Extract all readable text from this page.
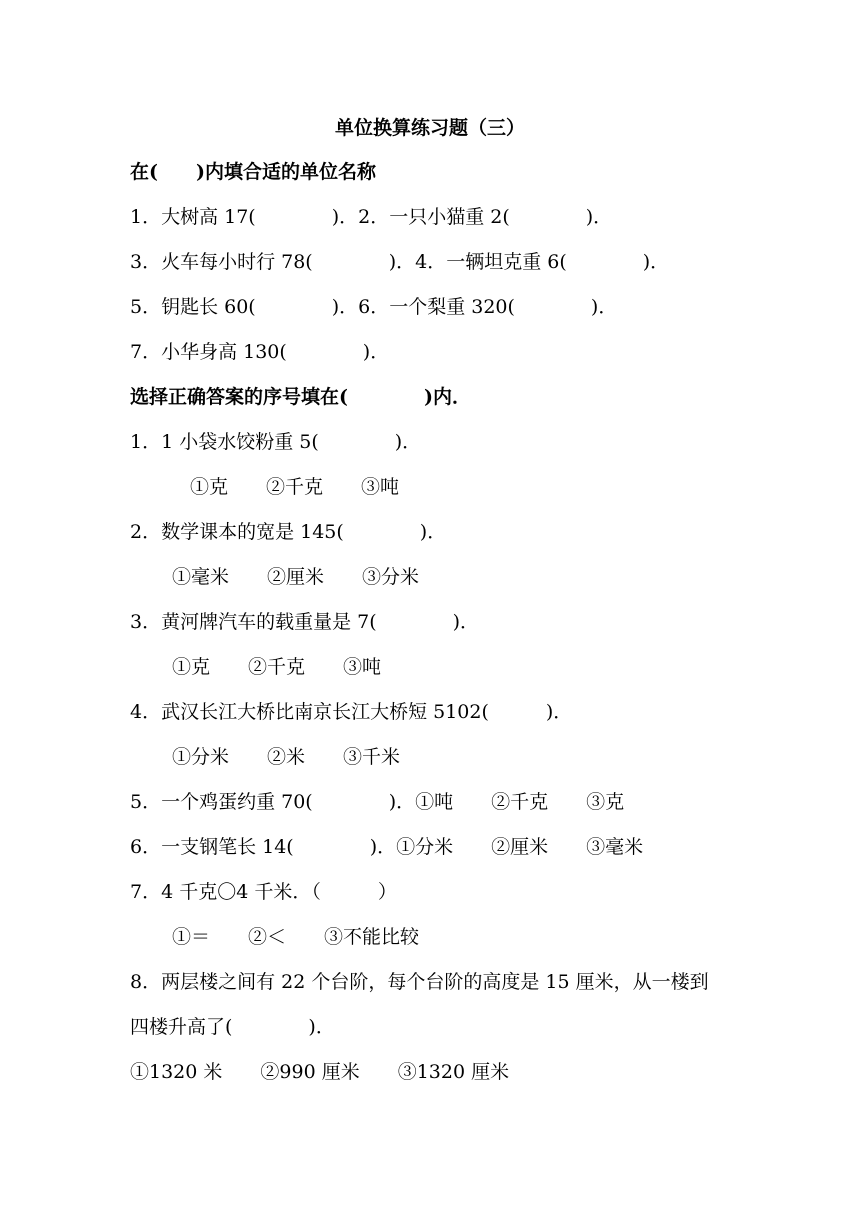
单位换算练习题（三）
在(　　)内填合适的单位名称
1．大树高 17(　　　　)．2．一只小猫重 2(　　　　)．
3．火车每小时行 78(　　　　)．4．一辆坦克重 6(　　　　)．
5．钥匙长 60(　　　　)．6．一个梨重 320(　　　　)．
7．小华身高 130(　　　　)．
选择正确答案的序号填在(　　　　)内．
1．1 小袋水饺粉重 5(　　　　)．
①克　　②千克　　③吨
2．数学课本的宽是 145(　　　　)．
①毫米　　②厘米　　③分米
3．黄河牌汽车的载重量是 7(　　　　)．
①克　　②千克　　③吨
4．武汉长江大桥比南京长江大桥短 5102(　　　)．
①分米　　②米　　③千米
5．一个鸡蛋约重 70(　　　　)．①吨　　②千克　　③克
6．一支钢笔长 14(　　　　)．①分米　　②厘米　　③毫米
7．4 千克〇4 千米．（　　　）
①＝　　②＜　　③不能比较
8．两层楼之间有 22 个台阶，每个台阶的高度是 15 厘米，从一楼到
四楼升高了(　　　　)．
①1320 米　　②990 厘米　　③1320 厘米
